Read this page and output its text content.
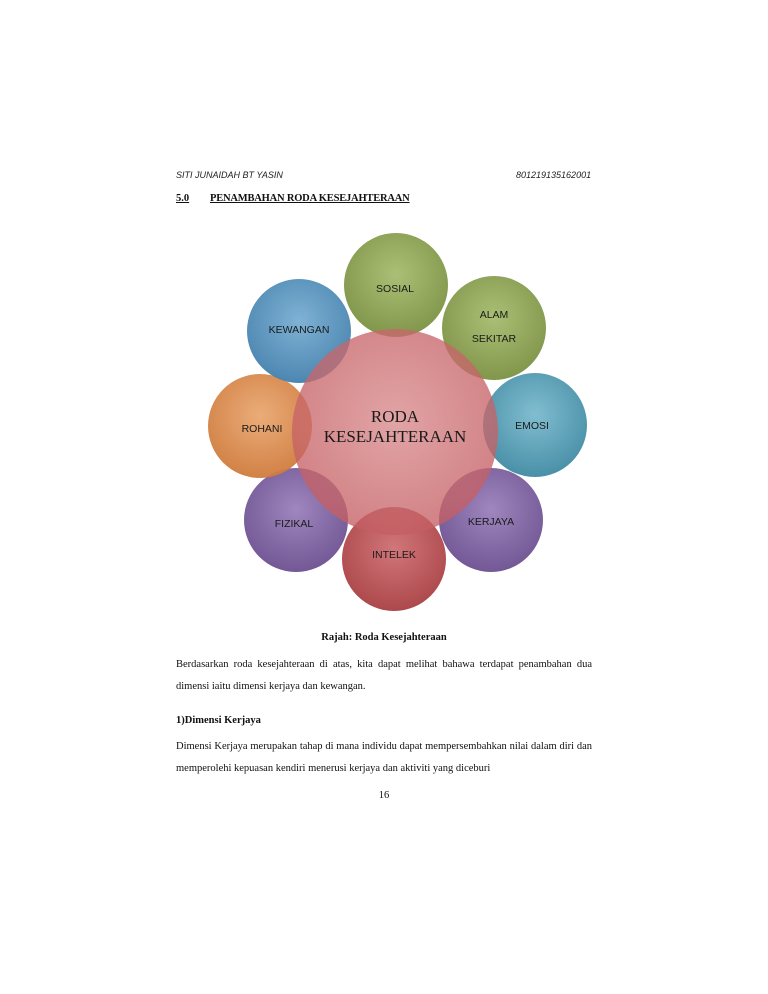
SITI JUNAIDAH BT YASIN	801219135162001
5.0 PENAMBAHAN RODA KESEJAHTERAAN
RODA
KESEJAHTERAAN
SOSIAL
ALAM
SEKITAR
EMOSI
KERJAYA
INTELEK
FIZIKAL
ROHANI
KEWANGAN
Rajah: Roda Kesejahteraan
Berdasarkan roda kesejahteraan di atas, kita dapat melihat bahawa terdapat penambahan dua dimensi iaitu dimensi kerjaya dan kewangan.
1)Dimensi Kerjaya
Dimensi Kerjaya merupakan tahap di mana individu dapat mempersembahkan nilai dalam diri dan memperolehi kepuasan kendiri menerusi kerjaya dan aktiviti yang diceburi
16
